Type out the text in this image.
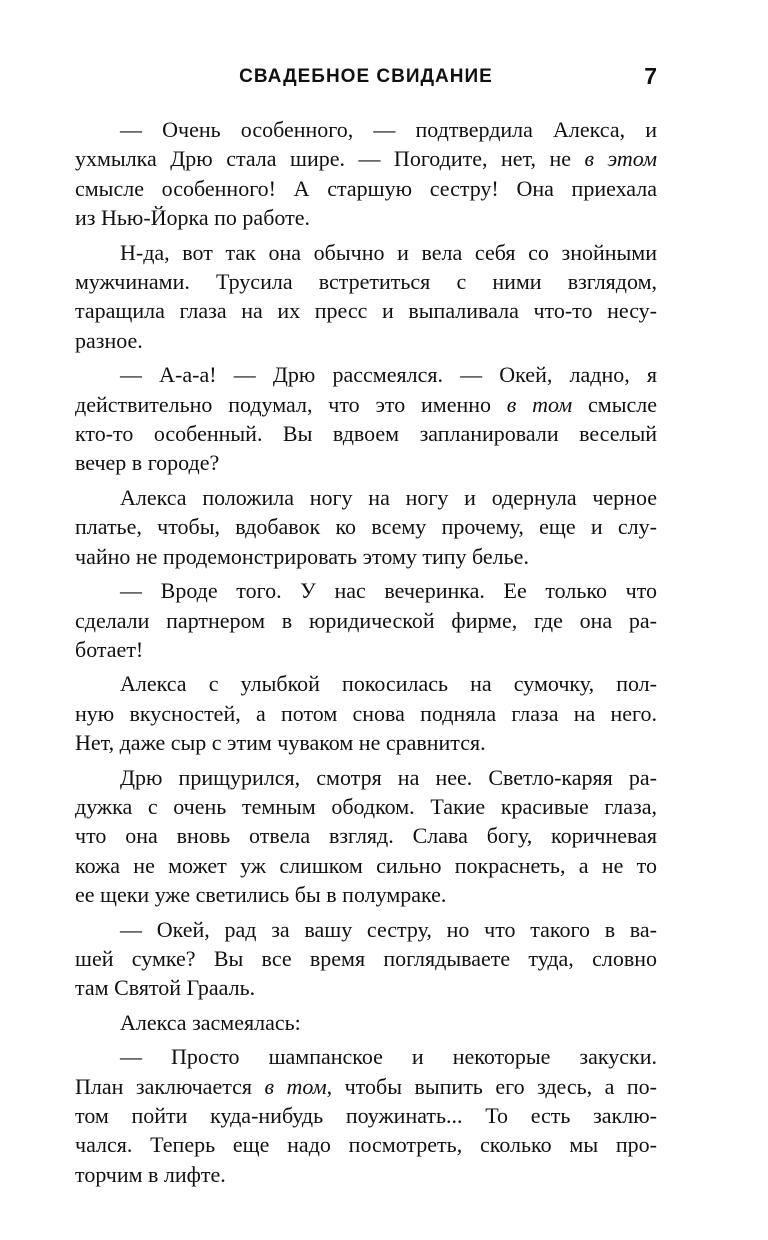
СВАДЕБНОЕ СВИДАНИЕ	7
— Очень особенного, — подтвердила Алекса, и
ухмылка Дрю стала шире. — Погодите, нет, не в этом
смысле особенного! А старшую сестру! Она приехала
из Нью-Йорка по работе.
Н-да, вот так она обычно и вела себя со знойными
мужчинами. Трусила встретиться с ними взглядом,
таращила глаза на их пресс и выпаливала что-то несу-
разное.
— А-а-а! — Дрю рассмеялся. — Окей, ладно, я
действительно подумал, что это именно в том смысле
кто-то особенный. Вы вдвоем запланировали веселый
вечер в городе?
Алекса положила ногу на ногу и одернула черное
платье, чтобы, вдобавок ко всему прочему, еще и слу-
чайно не продемонстрировать этому типу белье.
— Вроде того. У нас вечеринка. Ее только что
сделали партнером в юридической фирме, где она ра-
ботает!
Алекса с улыбкой покосилась на сумочку, пол-
ную вкусностей, а потом снова подняла глаза на него.
Нет, даже сыр с этим чуваком не сравнится.
Дрю прищурился, смотря на нее. Светло-каряя ра-
дужка с очень темным ободком. Такие красивые глаза,
что она вновь отвела взгляд. Слава богу, коричневая
кожа не может уж слишком сильно покраснеть, а не то
ее щеки уже светились бы в полумраке.
— Окей, рад за вашу сестру, но что такого в ва-
шей сумке? Вы все время поглядываете туда, словно
там Святой Грааль.
Алекса засмеялась:
— Просто шампанское и некоторые закуски.
План заключается в том, чтобы выпить его здесь, а по-
том пойти куда-нибудь поужинать... То есть заклю-
чался. Теперь еще надо посмотреть, сколько мы про-
торчим в лифте.
